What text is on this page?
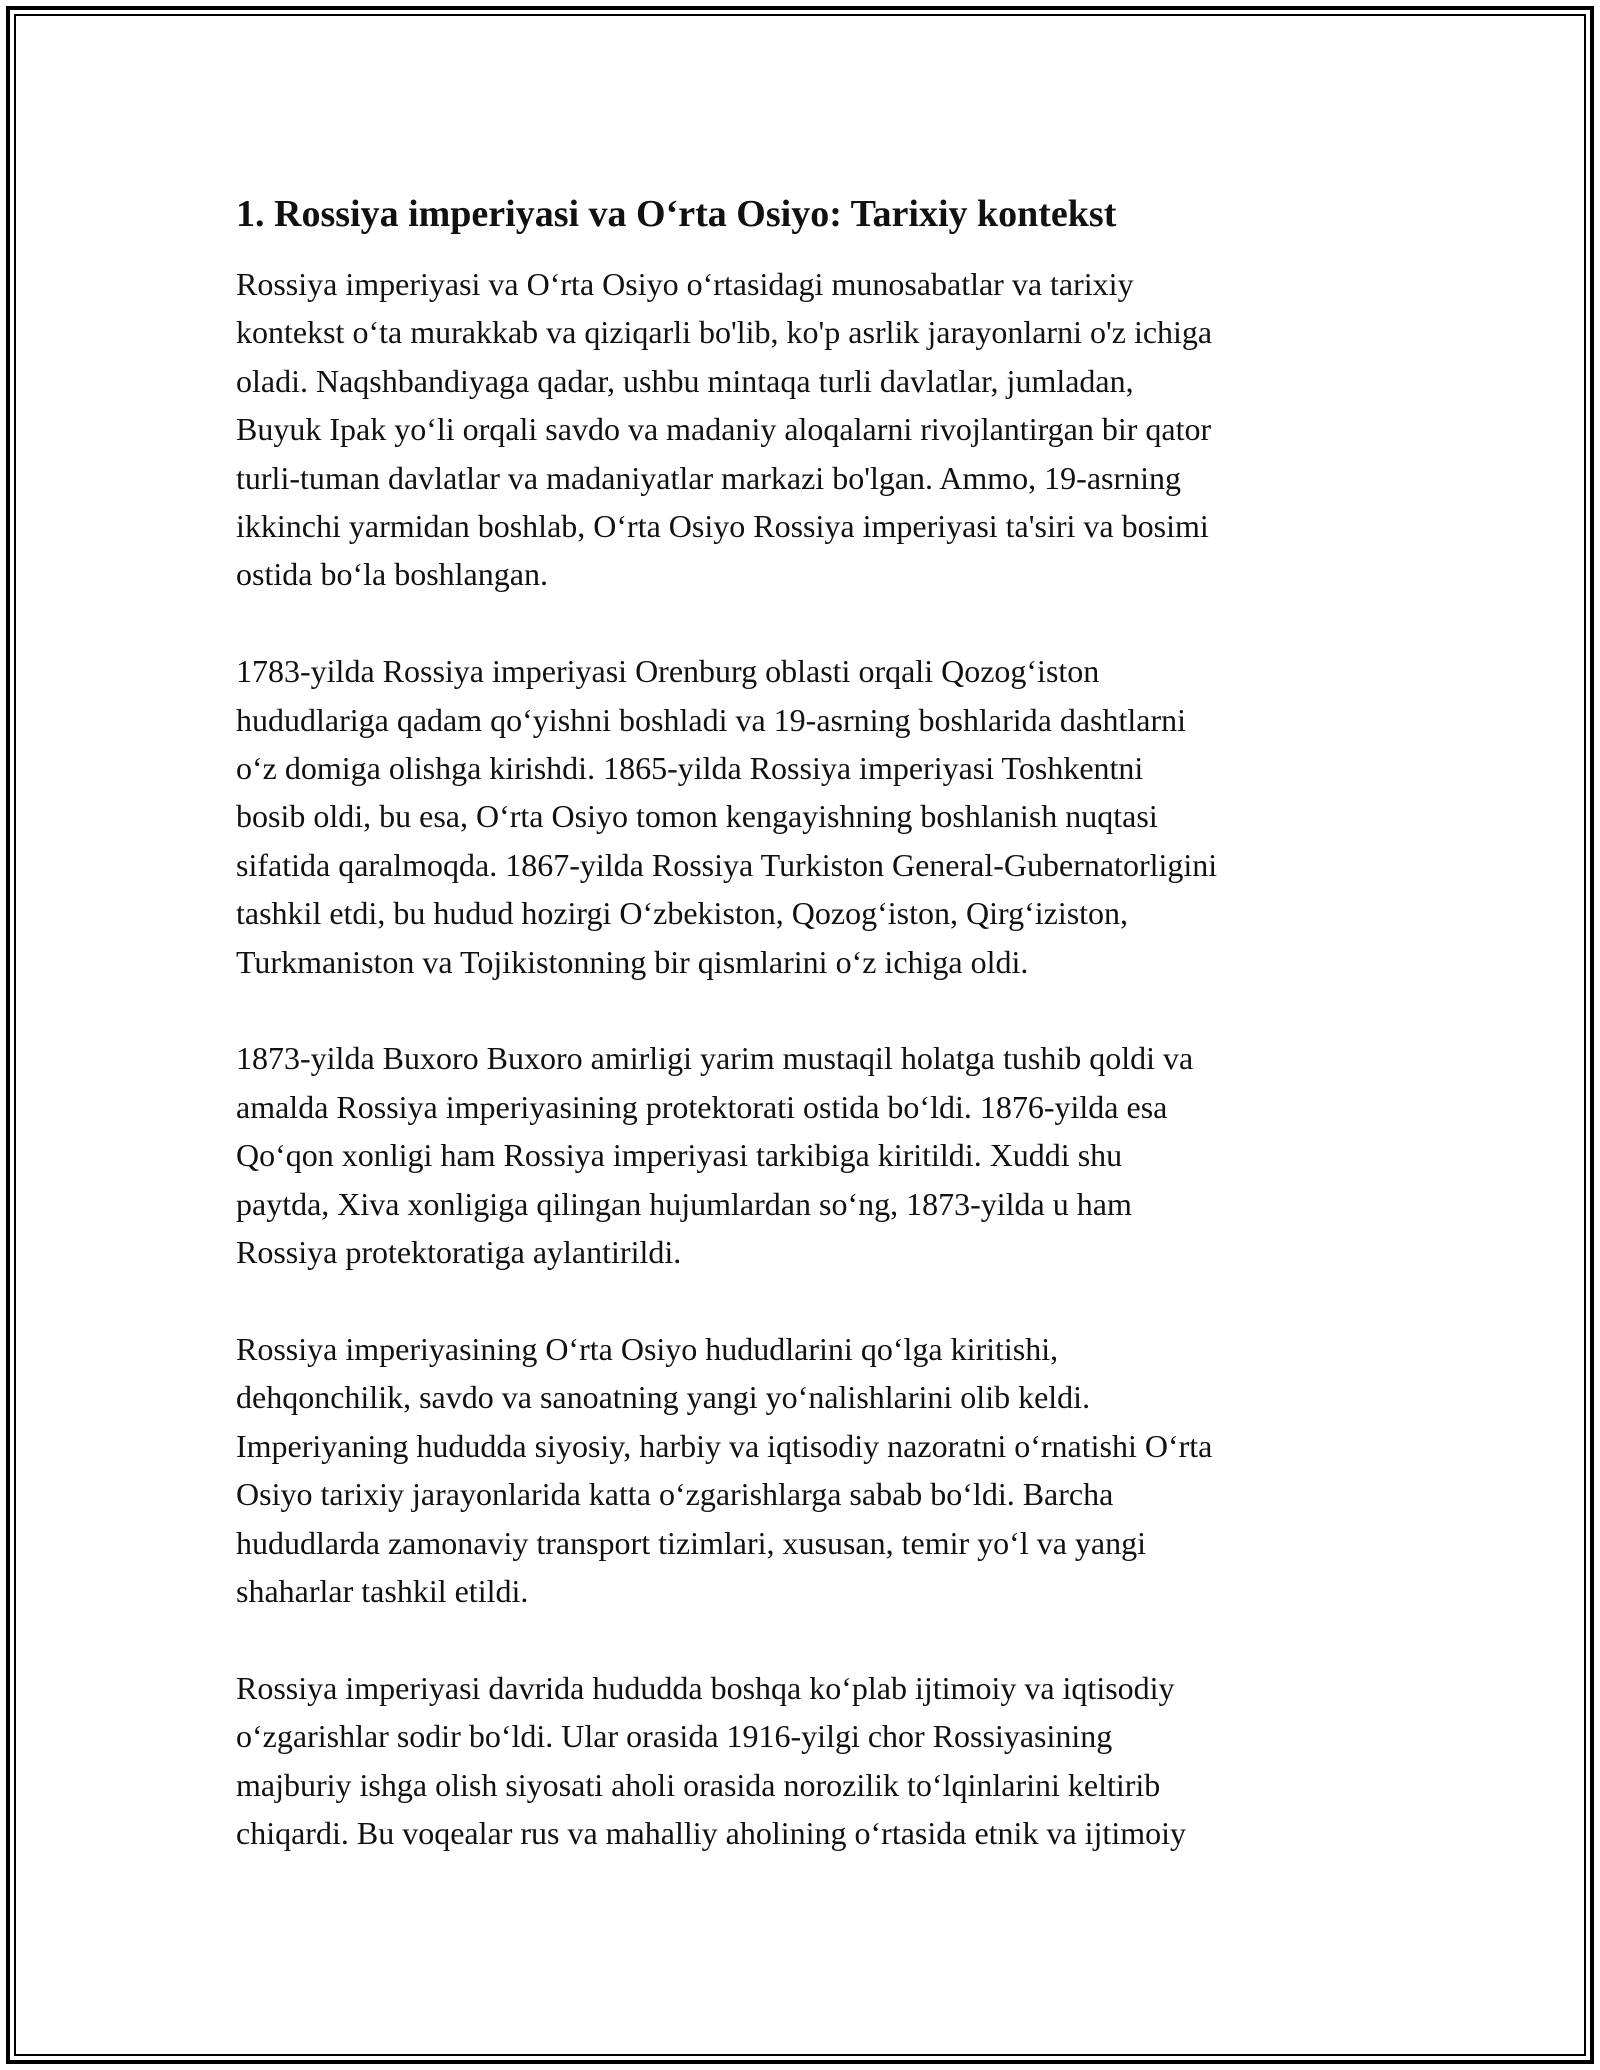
1. Rossiya imperiyasi va O‘rta Osiyo: Tarixiy kontekst
Rossiya imperiyasi va O‘rta Osiyo o‘rtasidagi munosabatlar va tarixiy
kontekst o‘ta murakkab va qiziqarli bo'lib, ko'p asrlik jarayonlarni o'z ichiga
oladi. Naqshbandiyaga qadar, ushbu mintaqa turli davlatlar, jumladan,
Buyuk Ipak yo‘li orqali savdo va madaniy aloqalarni rivojlantirgan bir qator
turli-tuman davlatlar va madaniyatlar markazi bo'lgan. Ammo, 19-asrning
ikkinchi yarmidan boshlab, O‘rta Osiyo Rossiya imperiyasi ta'siri va bosimi
ostida bo‘la boshlangan.
1783-yilda Rossiya imperiyasi Orenburg oblasti orqali Qozog‘iston
hududlariga qadam qo‘yishni boshladi va 19-asrning boshlarida dashtlarni
o‘z domiga olishga kirishdi. 1865-yilda Rossiya imperiyasi Toshkentni
bosib oldi, bu esa, O‘rta Osiyo tomon kengayishning boshlanish nuqtasi
sifatida qaralmoqda. 1867-yilda Rossiya Turkiston General-Gubernatorligini
tashkil etdi, bu hudud hozirgi O‘zbekiston, Qozog‘iston, Qirg‘iziston,
Turkmaniston va Tojikistonning bir qismlarini o‘z ichiga oldi.
1873-yilda Buxoro Buxoro amirligi yarim mustaqil holatga tushib qoldi va
amalda Rossiya imperiyasining protektorati ostida bo‘ldi. 1876-yilda esa
Qo‘qon xonligi ham Rossiya imperiyasi tarkibiga kiritildi. Xuddi shu
paytda, Xiva xonligiga qilingan hujumlardan so‘ng, 1873-yilda u ham
Rossiya protektoratiga aylantirildi.
Rossiya imperiyasining O‘rta Osiyo hududlarini qo‘lga kiritishi,
dehqonchilik, savdo va sanoatning yangi yo‘nalishlarini olib keldi.
Imperiyaning hududda siyosiy, harbiy va iqtisodiy nazoratni o‘rnatishi O‘rta
Osiyo tarixiy jarayonlarida katta o‘zgarishlarga sabab bo‘ldi. Barcha
hududlarda zamonaviy transport tizimlari, xususan, temir yo‘l va yangi
shaharlar tashkil etildi.
Rossiya imperiyasi davrida hududda boshqa ko‘plab ijtimoiy va iqtisodiy
o‘zgarishlar sodir bo‘ldi. Ular orasida 1916-yilgi chor Rossiyasining
majburiy ishga olish siyosati aholi orasida norozilik to‘lqinlarini keltirib
chiqardi. Bu voqealar rus va mahalliy aholining o‘rtasida etnik va ijtimoiy
